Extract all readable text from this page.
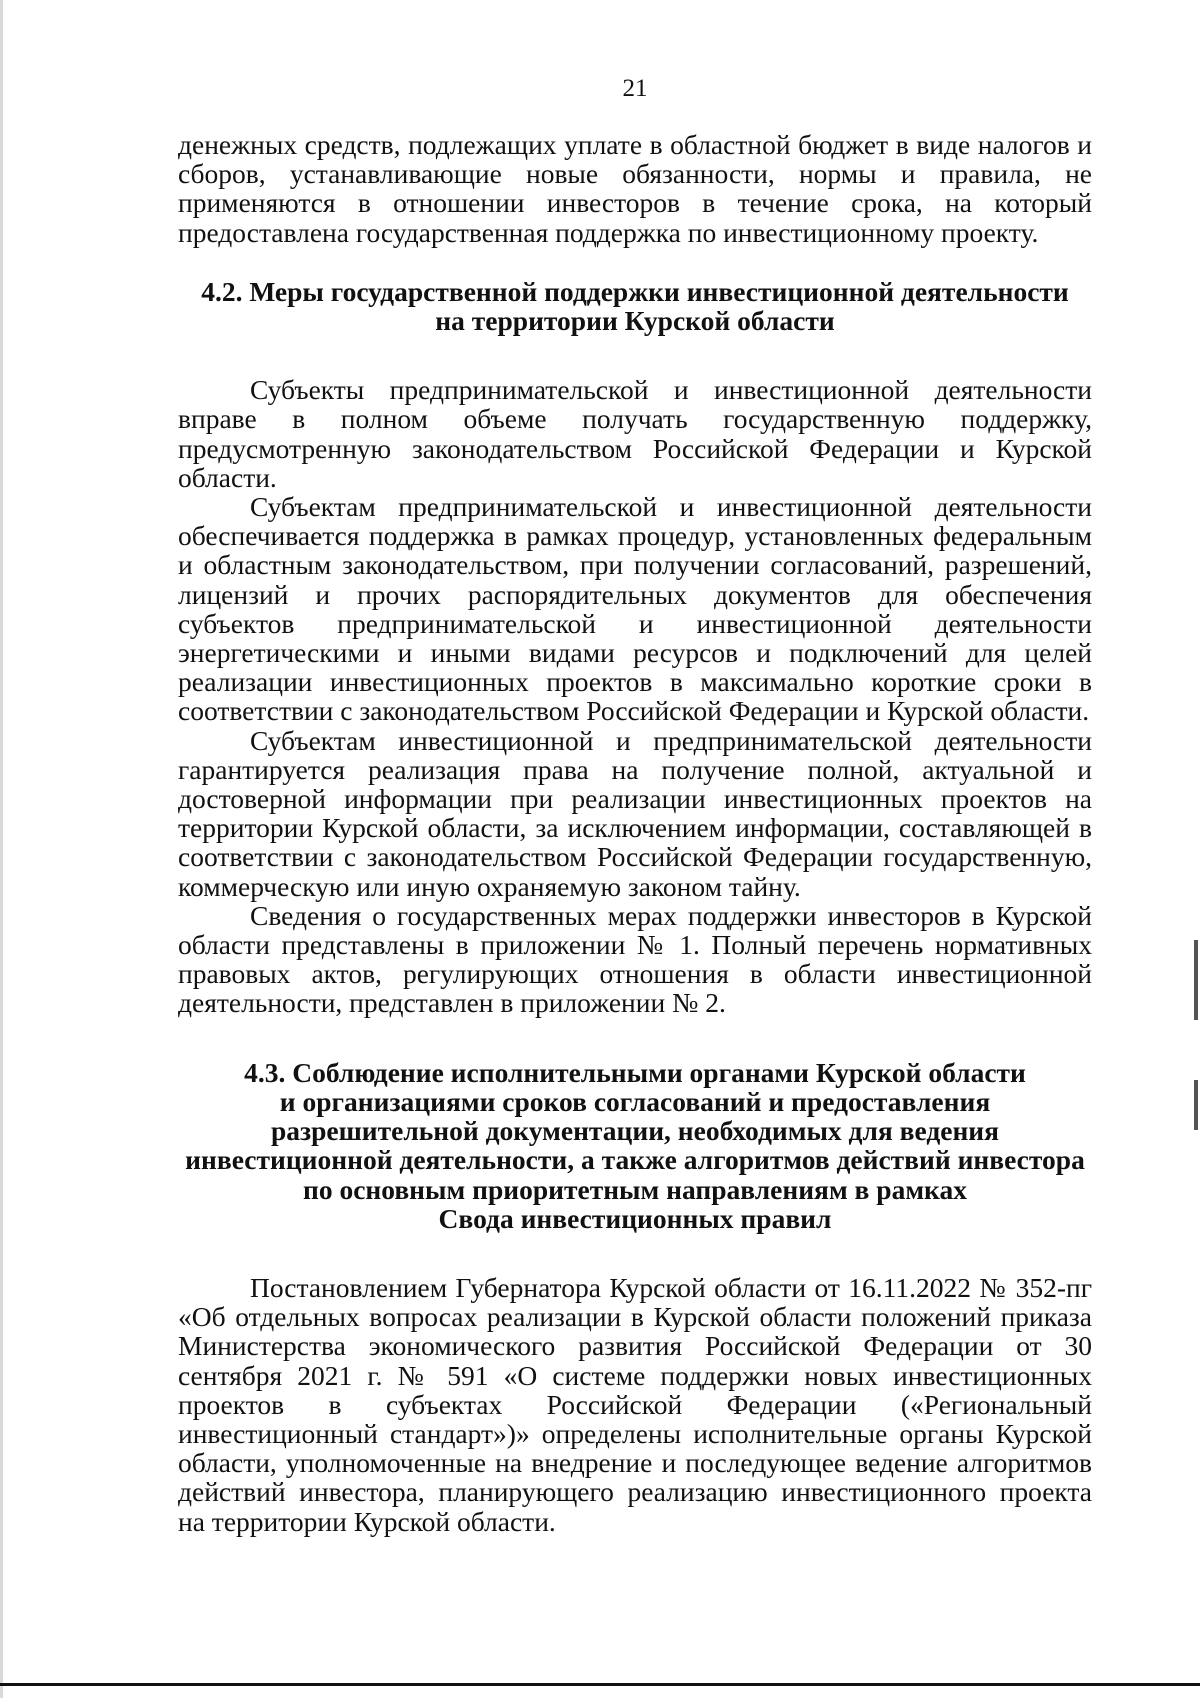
21

денежных средств, подлежащих уплате в областной бюджет в виде налогов и сборов, устанавливающие новые обязанности, нормы и правила, не применяются в отношении инвесторов в течение срока, на который предоставлена государственная поддержка по инвестиционному проекту.

4.2. Меры государственной поддержки инвестиционной деятельности
на территории Курской области

Субъекты предпринимательской и инвестиционной деятельности вправе в полном объеме получать государственную поддержку, предусмотренную законодательством Российской Федерации и Курской области.

Субъектам предпринимательской и инвестиционной деятельности обеспечивается поддержка в рамках процедур, установленных федеральным и областным законодательством, при получении согласований, разрешений, лицензий и прочих распорядительных документов для обеспечения субъектов предпринимательской и инвестиционной деятельности энергетическими и иными видами ресурсов и подключений для целей реализации инвестиционных проектов в максимально короткие сроки в соответствии с законодательством Российской Федерации и Курской области.

Субъектам инвестиционной и предпринимательской деятельности гарантируется реализация права на получение полной, актуальной и достоверной информации при реализации инвестиционных проектов на территории Курской области, за исключением информации, составляющей в соответствии с законодательством Российской Федерации государственную, коммерческую или иную охраняемую законом тайну.

Сведения о государственных мерах поддержки инвесторов в Курской области представлены в приложении № 1. Полный перечень нормативных правовых актов, регулирующих отношения в области инвестиционной деятельности, представлен в приложении № 2.

4.3. Соблюдение исполнительными органами Курской области
и организациями сроков согласований и предоставления
разрешительной документации, необходимых для ведения
инвестиционной деятельности, а также алгоритмов действий инвестора
по основным приоритетным направлениям в рамках
Свода инвестиционных правил

Постановлением Губернатора Курской области от 16.11.2022 № 352-пг «Об отдельных вопросах реализации в Курской области положений приказа Министерства экономического развития Российской Федерации от 30 сентября 2021 г. № 591 «О системе поддержки новых инвестиционных проектов в субъектах Российской Федерации («Региональный инвестиционный стандарт»)» определены исполнительные органы Курской области, уполномоченные на внедрение и последующее ведение алгоритмов действий инвестора, планирующего реализацию инвестиционного проекта на территории Курской области.
